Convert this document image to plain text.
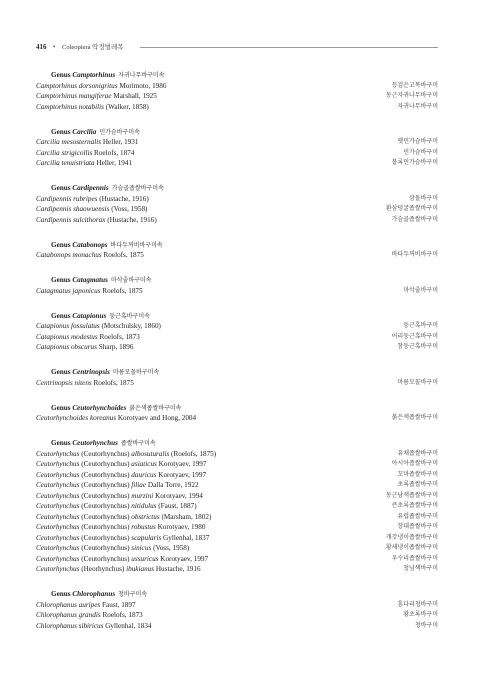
416 • Coleoptera 딱정벌레목
Genus Camptorhinus 자귀나무바구미속
Camptorhinus dorsonigritus Morimoto, 1986	등검은고목바구미
Camptorhinus mangiferae Marshall, 1925	동근자귀나무바구미
Camptorhinus notabilis (Walker, 1858)	자귀나무바구미
Genus Carcilia 민가슴바구미속
Carcilia mesosternalis Heller, 1931	옛민가슴바구미
Carcilia strigicollis Roelofs, 1874	민가슴바구미
Carcilia tenuistriata Heller, 1941	볼록민가슴바구미
Genus Cardipennis 가슴골좁쌀바구미속
Cardipennis rubripes (Hustache, 1916)	삼돌바구미
Cardipennis shaowuensis (Voss, 1958)	환삼덩굴좁쌀바구미
Cardipennis sulcithorax (Hustache, 1916)	가슴골좁쌀바구미
Genus Catabonops 바다두꺼비바구미속
Catabonops monachus Roelofs, 1875	바다두꺼비바구미
Genus Catagmatus 마삭줄바구미속
Catagmatus japonicus Roelofs, 1875	마삭줄바구미
Genus Catapionus 둥근혹바구미속
Catapionus fossulatus (Motschulsky, 1860)	둥근혹바구미
Catapionus modestus Roelofs, 1873	어리둥근혹바구미
Catapionus obscurus Sharp, 1896	참둥근혹바구미
Genus Centrinopsis 마름모꼴바구미속
Centrinopsis nitens Roelofs, 1875	마름모꼴바구미
Genus Ceutorhynchoides 붉은색좁쌀바구미속
Ceutorhynchoides koreanus Korotyaev and Hong, 2004	붉은색좁쌀바구미
Genus Ceutorhynchus 좁쌀바구미속
Ceutorhynchus (Ceutorhynchus) albosuturalis (Roelofs, 1875)	유채좁쌀바구미
Ceutorhynchus (Ceutorhynchus) asiaticus Korotyaev, 1997	아시아좁쌀바구미
Ceutorhynchus (Ceutorhynchus) dauricus Korotyaev, 1997	꼬마좁쌀바구미
Ceutorhynchus (Ceutorhynchus) filiae Dalla Torre, 1922	초록좁쌀바구미
Ceutorhynchus (Ceutorhynchus) murzini Korotyaev, 1994	동근남색좁쌀바구미
Ceutorhynchus (Ceutorhynchus) nitidulus (Faust, 1887)	큰초록좁쌀바구미
Ceutorhynchus (Ceutorhynchus) obstrictus (Marsham, 1802)	유럽좁쌀바구미
Ceutorhynchus (Ceutorhynchus) robustus Korotyaev, 1980	장대좁쌀바구미
Ceutorhynchus (Ceutorhynchus) scapularis Gyllenhal, 1837	개갓냉이좁쌀바구미
Ceutorhynchus (Ceutorhynchus) sinicus (Voss, 1958)	황새냉이좁쌀바구미
Ceutorhynchus (Ceutorhynchus) ussuricus Korotyaev, 1997	우수리좁쌀바구미
Ceutorhynchus (Heorhynchus) ibukianus Hustache, 1916	청남색바구미
Genus Chlorophanus 청바구미속
Chlorophanus auripes Faust, 1897	흥다리청바구미
Chlorophanus grandis Roelofs, 1873	황초록바구미
Chlorophanus sibiricus Gyllenhal, 1834	청바구미
